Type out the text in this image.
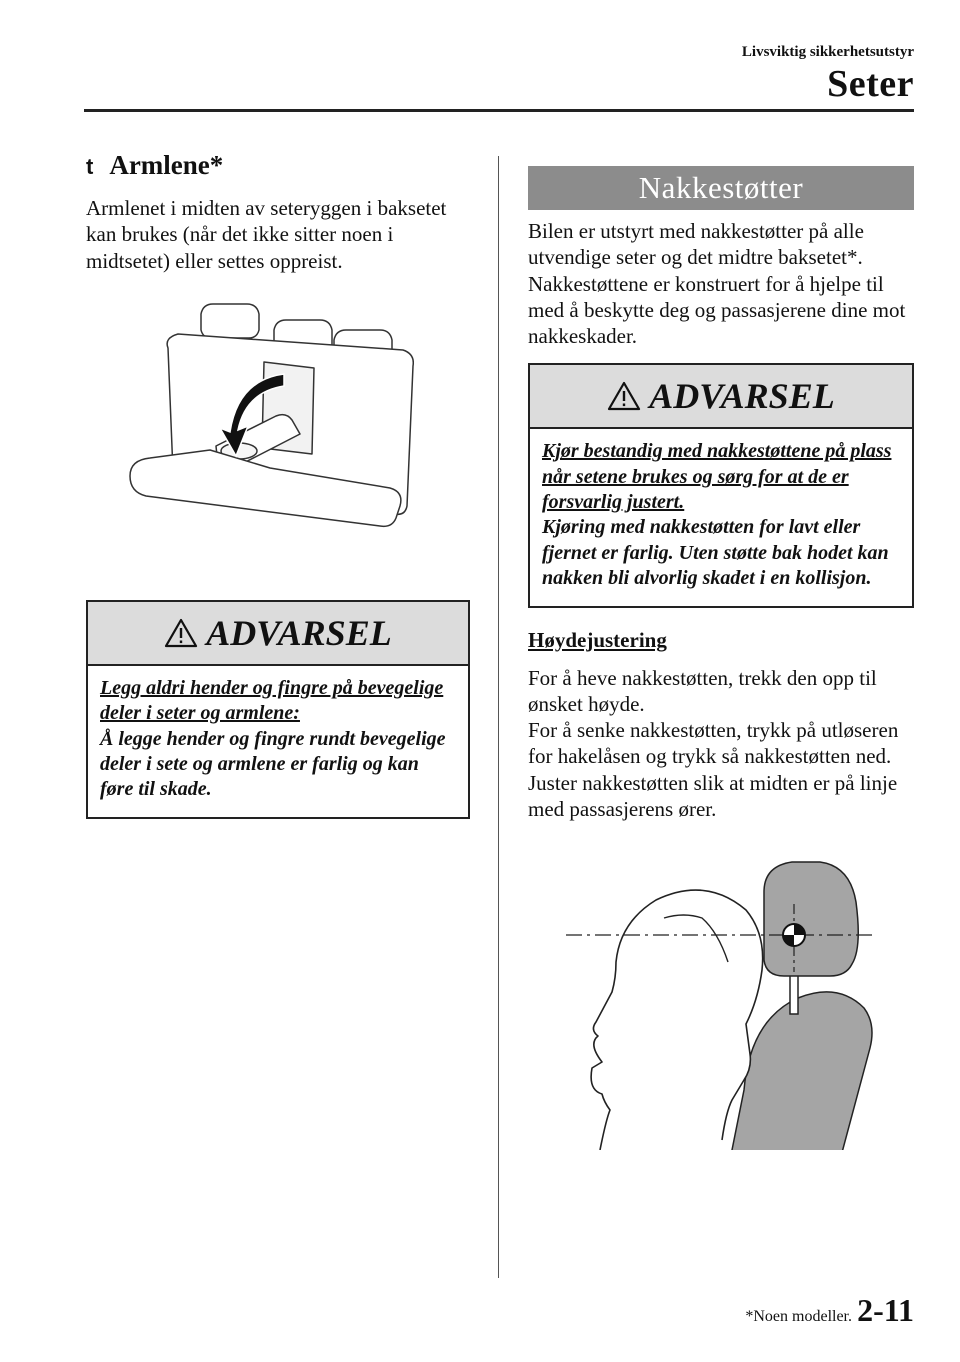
Livsviktig sikkerhetsutstyr
Seter
t Armlene*

Armlenet i midten av seteryggen i baksetet kan brukes (når det ikke sitter noen i midtsetet) eller settes oppreist.

ADVARSEL
Legg aldri hender og fingre på bevegelige deler i seter og armlene:
Å legge hender og fingre rundt bevegelige deler i sete og armlene er farlig og kan føre til skade.
Nakkestøtter

Bilen er utstyrt med nakkestøtter på alle utvendige seter og det midtre baksetet*. Nakkestøttene er konstruert for å hjelpe til med å beskytte deg og passasjerene dine mot nakkeskader.

ADVARSEL
Kjør bestandig med nakkestøttene på plass når setene brukes og sørg for at de er forsvarlig justert.
Kjøring med nakkestøtten for lavt eller fjernet er farlig. Uten støtte bak hodet kan nakken bli alvorlig skadet i en kollisjon.
Høydejustering

For å heve nakkestøtten, trekk den opp til ønsket høyde.

For å senke nakkestøtten, trykk på utløseren for hakelåsen og trykk så nakkestøtten ned.

Juster nakkestøtten slik at midten er på linje med passasjerens ører.

*Noen modeller. 2-11
